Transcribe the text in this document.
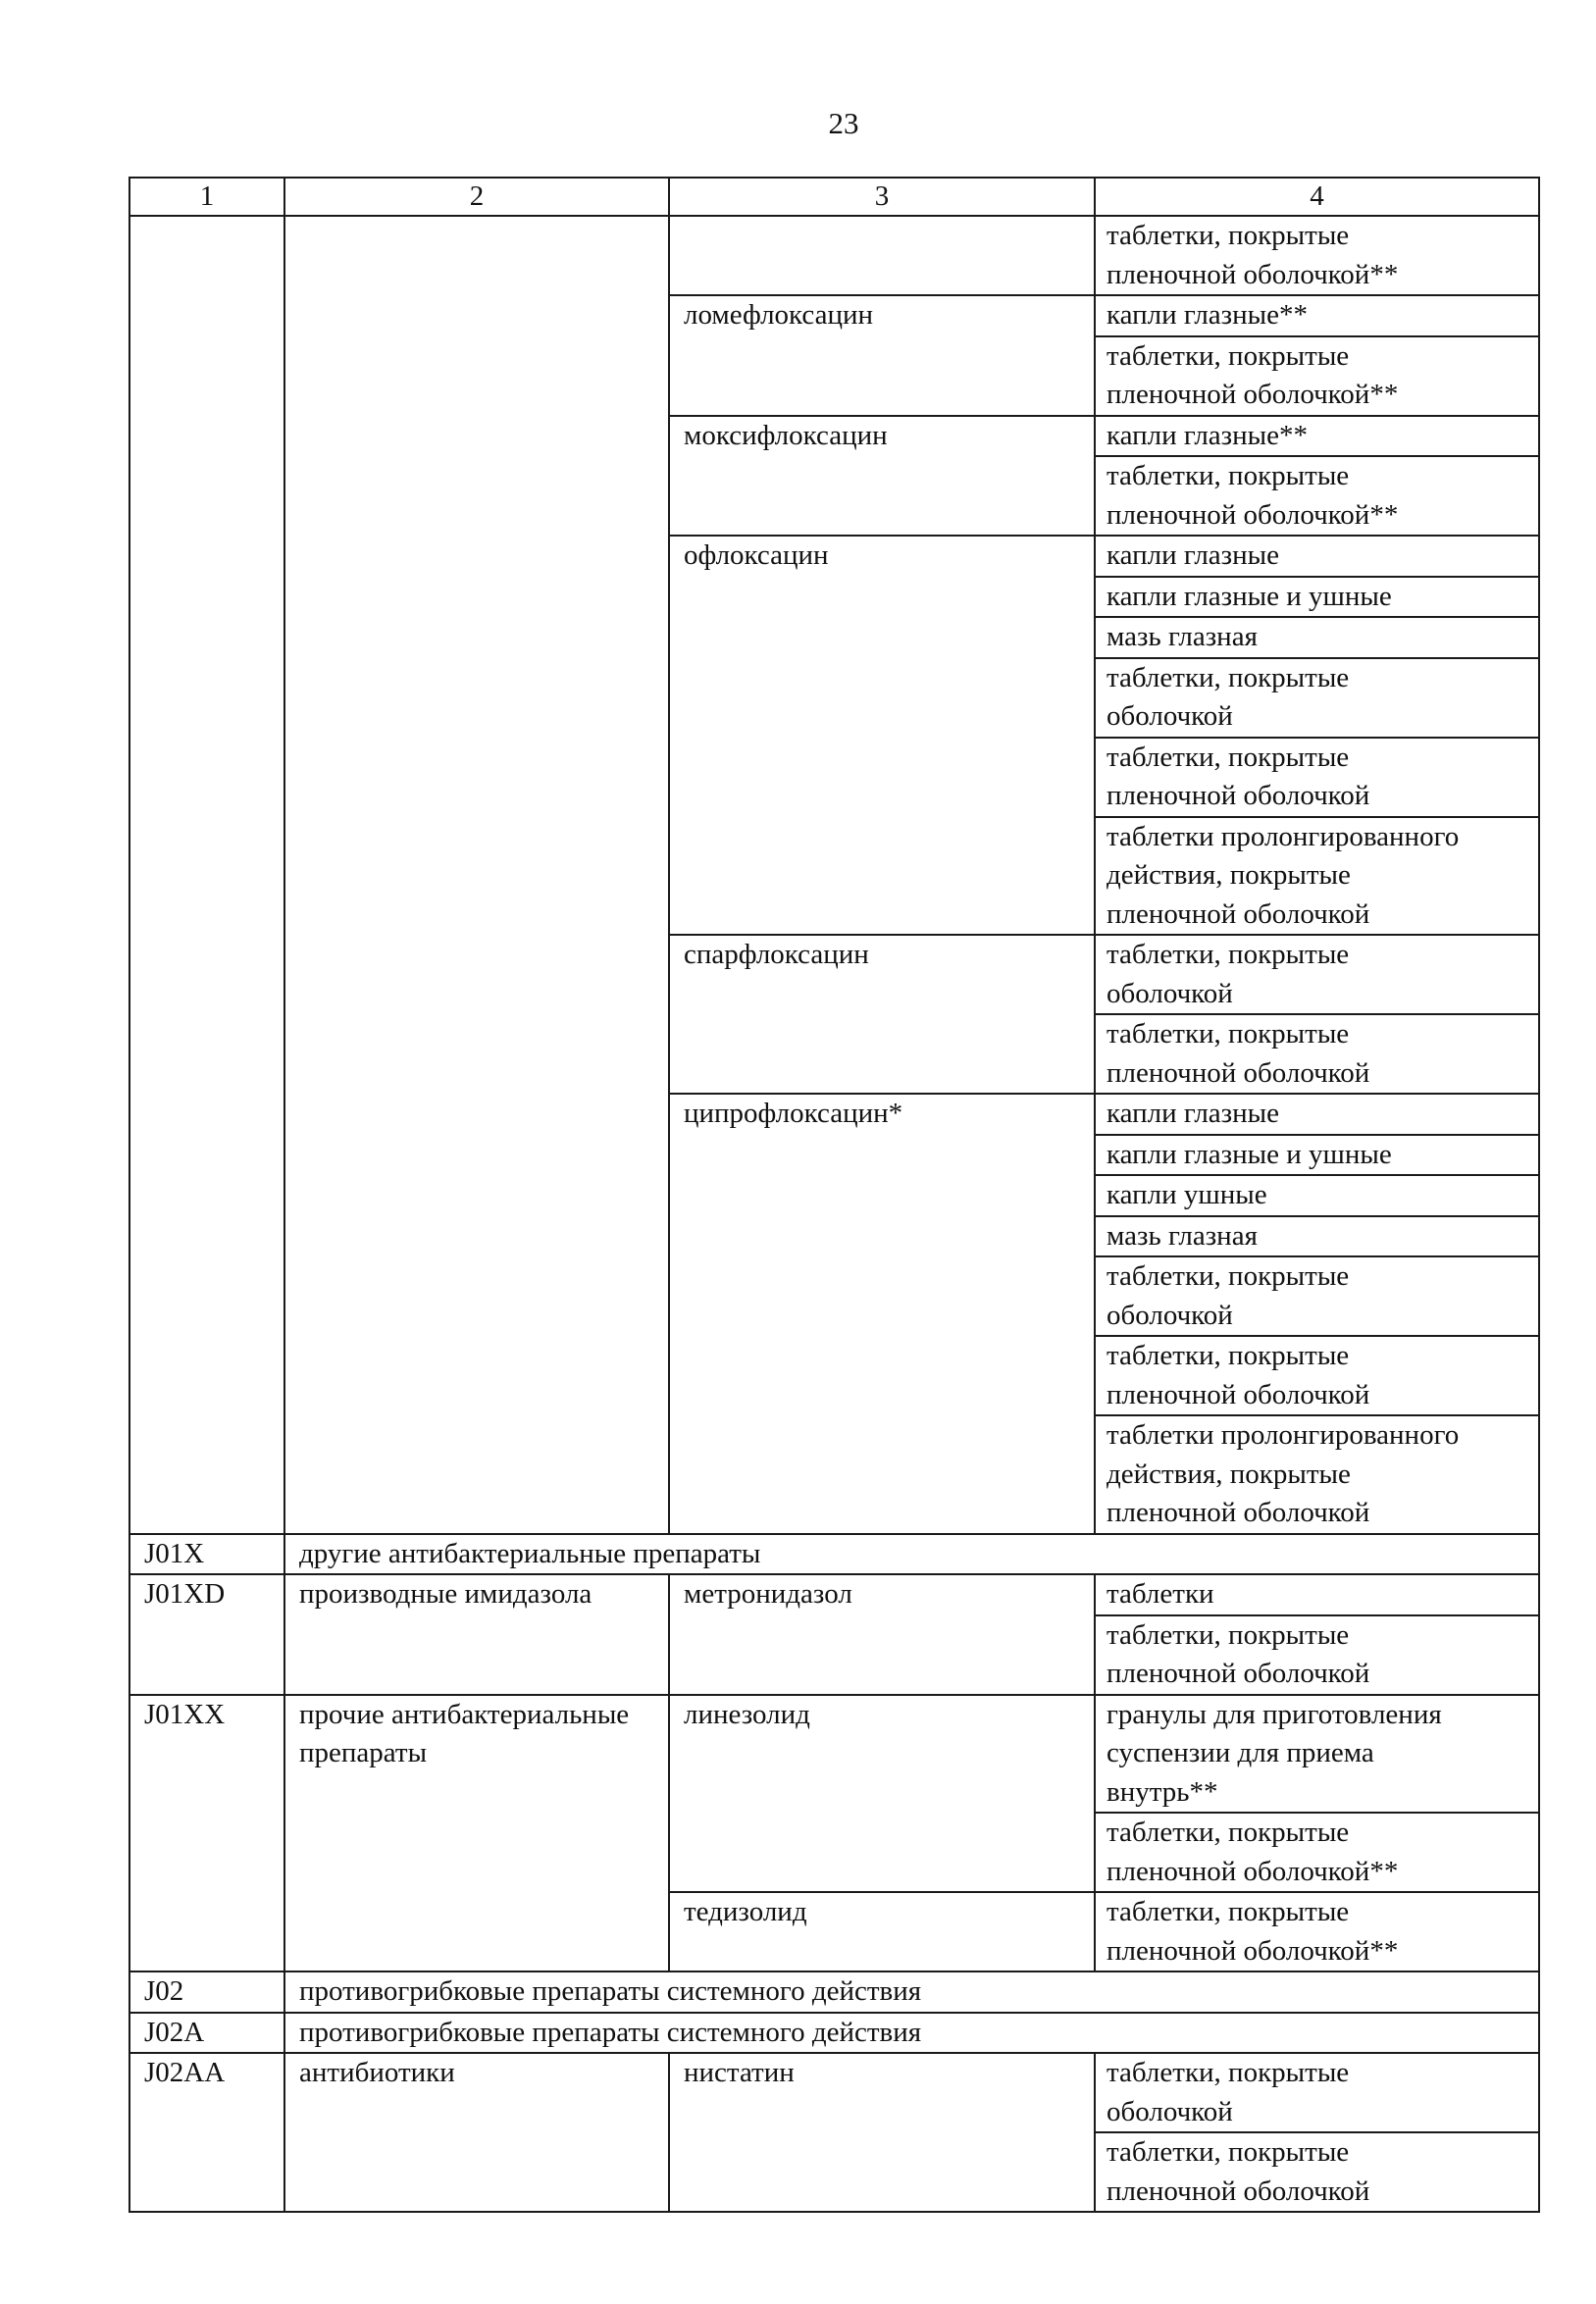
23
1	2	3	4
			таблетки, покрытые
пленочной оболочкой**
		ломефлоксацин	капли глазные**
			таблетки, покрытые
пленочной оболочкой**
		моксифлоксацин	капли глазные**
			таблетки, покрытые
пленочной оболочкой**
		офлоксацин	капли глазные
			капли глазные и ушные
			мазь глазная
			таблетки, покрытые
оболочкой
			таблетки, покрытые
пленочной оболочкой
			таблетки пролонгированного
действия, покрытые
пленочной оболочкой
		спарфлоксацин	таблетки, покрытые
оболочкой
			таблетки, покрытые
пленочной оболочкой
		ципрофлоксацин*	капли глазные
			капли глазные и ушные
			капли ушные
			мазь глазная
			таблетки, покрытые
оболочкой
			таблетки, покрытые
пленочной оболочкой
			таблетки пролонгированного
действия, покрытые
пленочной оболочкой
J01X	другие антибактериальные препараты		
J01XD	производные имидазола	метронидазол	таблетки
			таблетки, покрытые
пленочной оболочкой
J01XX	прочие антибактериальные препараты	линезолид	гранулы для приготовления
суспензии для приема
внутрь**
			таблетки, покрытые
пленочной оболочкой**
		тедизолид	таблетки, покрытые
пленочной оболочкой**
J02	противогрибковые препараты системного действия		
J02A	противогрибковые препараты системного действия		
J02AA	антибиотики	нистатин	таблетки, покрытые
оболочкой
			таблетки, покрытые
пленочной оболочкой
